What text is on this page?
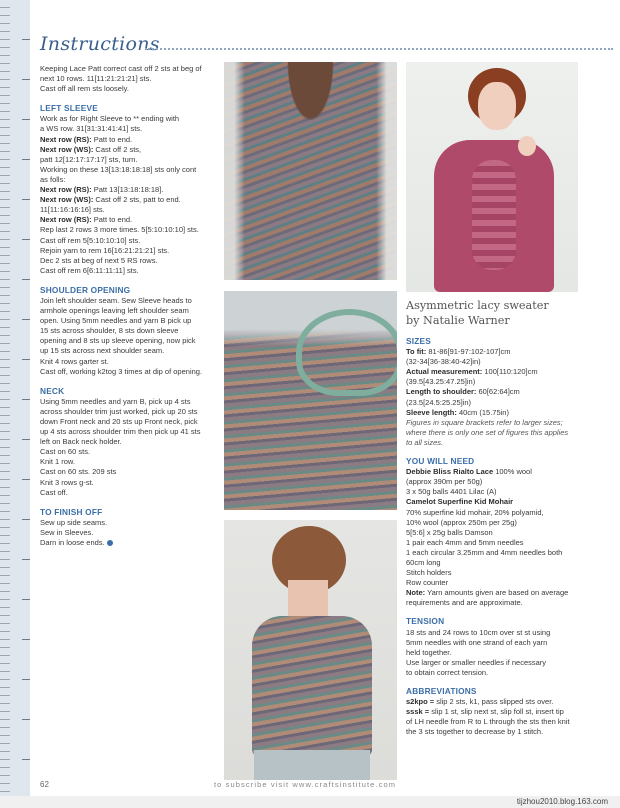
Instructions

Keeping Lace Patt correct cast off 2 sts at beg of

next 10 rows. 11[11:21:21:21] sts.

Cast off all rem sts loosely.

LEFT SLEEVE

Work as for Right Sleeve to ** ending with

a WS row. 31[31:31:41:41] sts.

Next row (RS): Patt to end.

Next row (WS): Cast off 2 sts,

patt 12[12:17:17:17] sts, turn.

Working on these 13[13:18:18:18] sts only cont

as folls:

Next row (RS): Patt 13[13:18:18:18].

Next row (WS): Cast off 2 sts, patt to end.

11[11:16:16:16] sts.

Next row (RS): Patt to end.

Rep last 2 rows 3 more times. 5[5:10:10:10] sts.

Cast off rem 5[5:10:10:10] sts.

Rejoin yarn to rem 16[16:21:21:21] sts.

Dec 2 sts at beg of next 5 RS rows.

Cast off rem 6[6:11:11:11] sts.

SHOULDER OPENING

Join left shoulder seam. Sew Sleeve heads to

armhole openings leaving left shoulder seam

open. Using 5mm needles and yarn B pick up

15 sts across shoulder, 8 sts down sleeve

opening and 8 sts up sleeve opening, now pick

up 15 sts across next shoulder seam.

Knit 4 rows garter st.

Cast off, working k2tog 3 times at dip of opening.

NECK

Using 5mm needles and yarn B, pick up 4 sts

across shoulder trim just worked, pick up 20 sts

down Front neck and 20 sts up Front neck, pick

up 4 sts across shoulder trim then pick up 41 sts

left on Back neck holder.

Cast on 60 sts.

Knit 1 row.

Cast on 60 sts. 209 sts

Knit 3 rows g-st.

Cast off.

TO FINISH OFF

Sew up side seams.

Sew in Sleeves.

Darn in loose ends.

Asymmetric lacy sweater
by Natalie Warner
SIZES

To fit: 81-86[91-97:102-107]cm

(32-34[36-38:40-42]in)

Actual measurement: 100[110:120]cm

(39.5[43.25:47.25]in)

Length to shoulder: 60[62:64]cm

(23.5[24.5:25.25]in)

Sleeve length: 40cm (15.75in)

Figures in square brackets refer to larger sizes;

where there is only one set of figures this applies

to all sizes.

YOU WILL NEED

Debbie Bliss Rialto Lace 100% wool

(approx 390m per 50g)

3 x 50g balls 4401 Lilac (A)

Camelot Superfine Kid Mohair

70% superfine kid mohair, 20% polyamid,

10% wool (approx 250m per 25g)

5[5:6] x 25g balls Damson

1 pair each 4mm and 5mm needles

1 each circular 3.25mm and 4mm needles both

60cm long

Stitch holders

Row counter

Note: Yarn amounts given are based on average

requirements and are approximate.

TENSION

18 sts and 24 rows to 10cm over st st using

5mm needles with one strand of each yarn

held together.

Use larger or smaller needles if necessary

to obtain correct tension.

ABBREVIATIONS

s2kpo = slip 2 sts, k1, pass slipped sts over.

sssk = slip 1 st, slip next st, slip foll st, insert tip

of LH needle from R to L through the sts then knit

the 3 sts together to decrease by 1 stitch.

62	to subscribe visit www.craftsinstitute.com
tijzhou2010.blog.163.com
